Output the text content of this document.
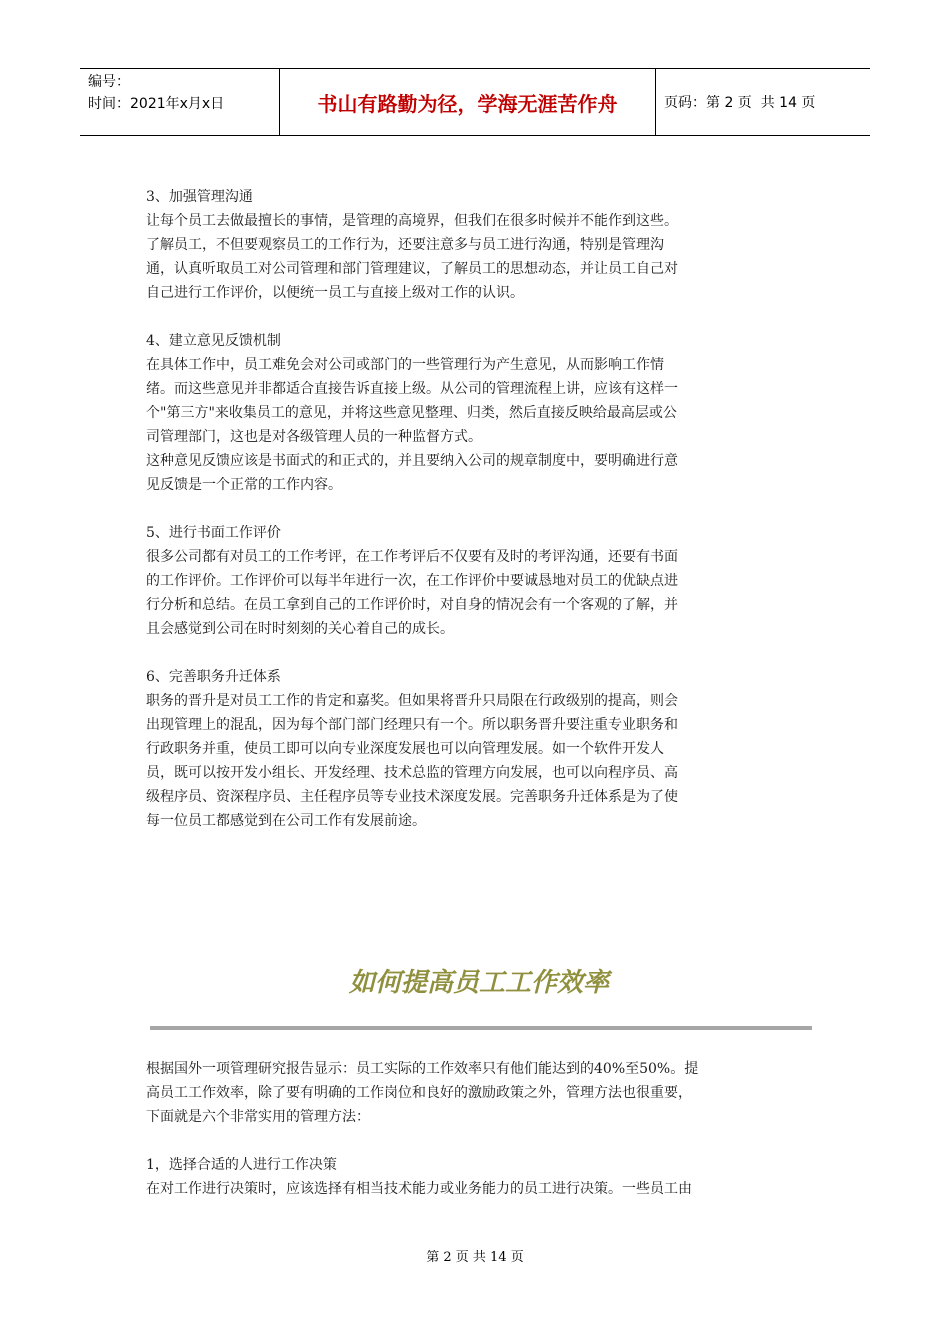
编号：
时间：2021年x月x日	书山有路勤为径，学海无涯苦作舟	页码：第 2 页  共 14 页

3、加强管理沟通

让每个员工去做最擅长的事情，是管理的高境界，但我们在很多时候并不能作到这些。

了解员工，不但要观察员工的工作行为，还要注意多与员工进行沟通，特别是管理沟

通，认真听取员工对公司管理和部门管理建议，了解员工的思想动态，并让员工自己对

自己进行工作评价，以便统一员工与直接上级对工作的认识。

4、建立意见反馈机制

在具体工作中，员工难免会对公司或部门的一些管理行为产生意见，从而影响工作情

绪。而这些意见并非都适合直接告诉直接上级。从公司的管理流程上讲，应该有这样一

个"第三方"来收集员工的意见，并将这些意见整理、归类，然后直接反映给最高层或公

司管理部门，这也是对各级管理人员的一种监督方式。

这种意见反馈应该是书面式的和正式的，并且要纳入公司的规章制度中，要明确进行意

见反馈是一个正常的工作内容。

5、进行书面工作评价

很多公司都有对员工的工作考评，在工作考评后不仅要有及时的考评沟通，还要有书面

的工作评价。工作评价可以每半年进行一次，在工作评价中要诚恳地对员工的优缺点进

行分析和总结。在员工拿到自己的工作评价时，对自身的情况会有一个客观的了解，并

且会感觉到公司在时时刻刻的关心着自己的成长。

6、完善职务升迁体系

职务的晋升是对员工工作的肯定和嘉奖。但如果将晋升只局限在行政级别的提高，则会

出现管理上的混乱，因为每个部门部门经理只有一个。所以职务晋升要注重专业职务和

行政职务并重，使员工即可以向专业深度发展也可以向管理发展。如一个软件开发人

员，既可以按开发小组长、开发经理、技术总监的管理方向发展，也可以向程序员、高

级程序员、资深程序员、主任程序员等专业技术深度发展。完善职务升迁体系是为了使

每一位员工都感觉到在公司工作有发展前途。

如何提高员工工作效率

根据国外一项管理研究报告显示：员工实际的工作效率只有他们能达到的40%至50%。提

高员工工作效率，除了要有明确的工作岗位和良好的激励政策之外，管理方法也很重要，

下面就是六个非常实用的管理方法：

1，选择合适的人进行工作决策

在对工作进行决策时，应该选择有相当技术能力或业务能力的员工进行决策。一些员工由

第 2 页 共 14 页
